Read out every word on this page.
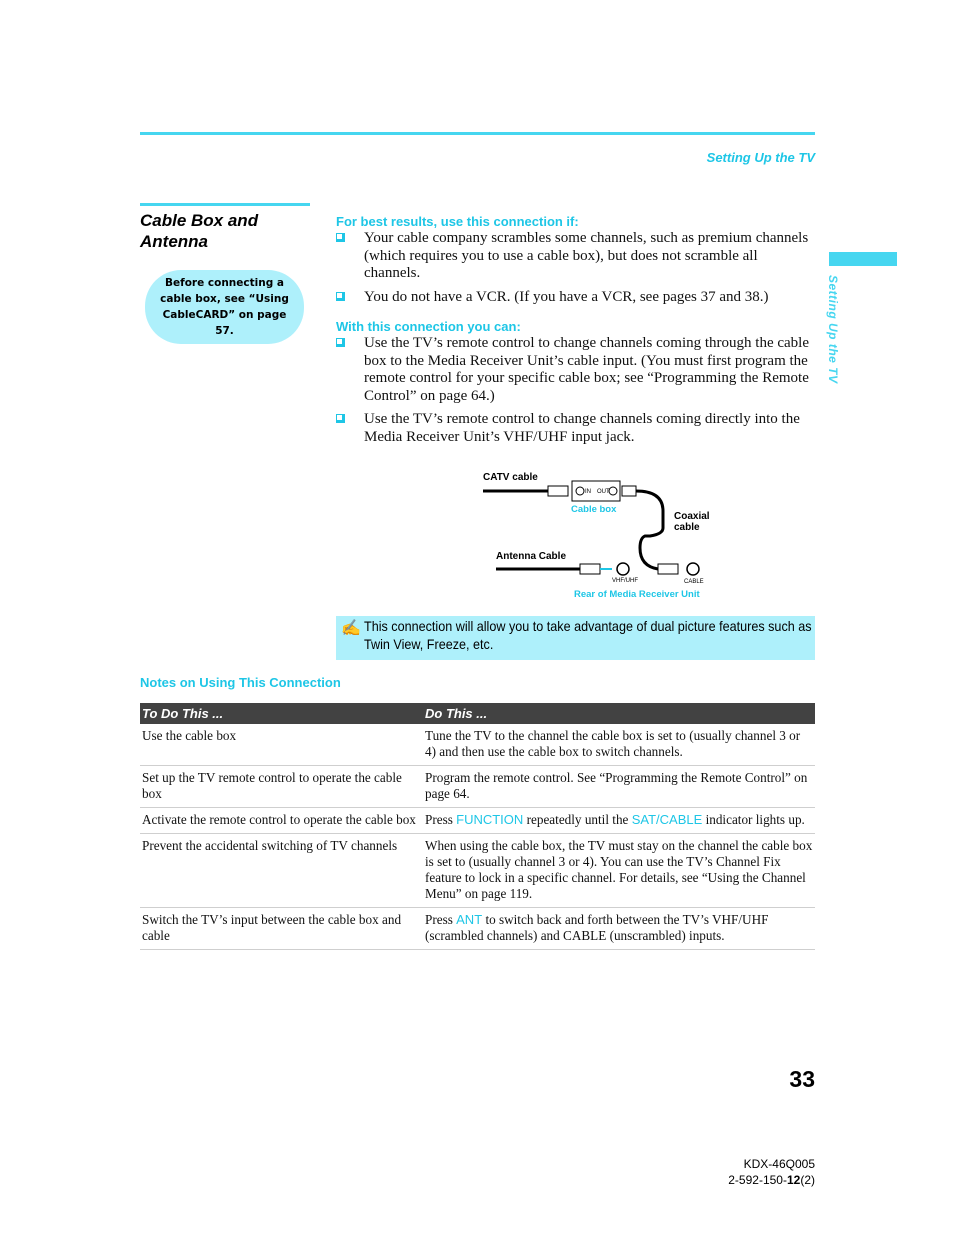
Setting Up the TV
Setting Up the TV
Cable Box and
Antenna
Before connecting a cable box, see “Using CableCARD” on page 57.
For best results, use this connection if:
Your cable company scrambles some channels, such as premium channels (which requires you to use a cable box), but does not scramble all channels.
You do not have a VCR. (If you have a VCR, see pages 37 and 38.)
With this connection you can:
Use the TV’s remote control to change channels coming through the cable box to the Media Receiver Unit’s cable input. (You must first program the remote control for your specific cable box; see “Programming the Remote Control” on page 64.)
Use the TV’s remote control to change channels coming directly into the Media Receiver Unit’s VHF/UHF input jack.
CATV cable
IN OUT
Cable box
Coaxial
cable
Antenna Cable
VHF/UHF	CABLE
Rear of Media Receiver Unit
✍ This connection will allow you to take advantage of dual picture features such as Twin View, Freeze, etc.
Notes on Using This Connection
To Do This ...	Do This ...
Use the cable box	Tune the TV to the channel the cable box is set to (usually channel 3 or 4) and then use the cable box to switch channels.
Set up the TV remote control to operate the cable box	Program the remote control. See “Programming the Remote Control” on page 64.
Activate the remote control to operate the cable box	Press FUNCTION repeatedly until the SAT/CABLE indicator lights up.
Prevent the accidental switching of TV channels	When using the cable box, the TV must stay on the channel the cable box is set to (usually channel 3 or 4). You can use the TV’s Channel Fix feature to lock in a specific channel. For details, see “Using the Channel Menu” on page 119.
Switch the TV’s input between the cable box and cable	Press ANT to switch back and forth between the TV’s VHF/UHF (scrambled channels) and CABLE (unscrambled) inputs.
33
KDX-46Q005
2-592-150-12(2)
